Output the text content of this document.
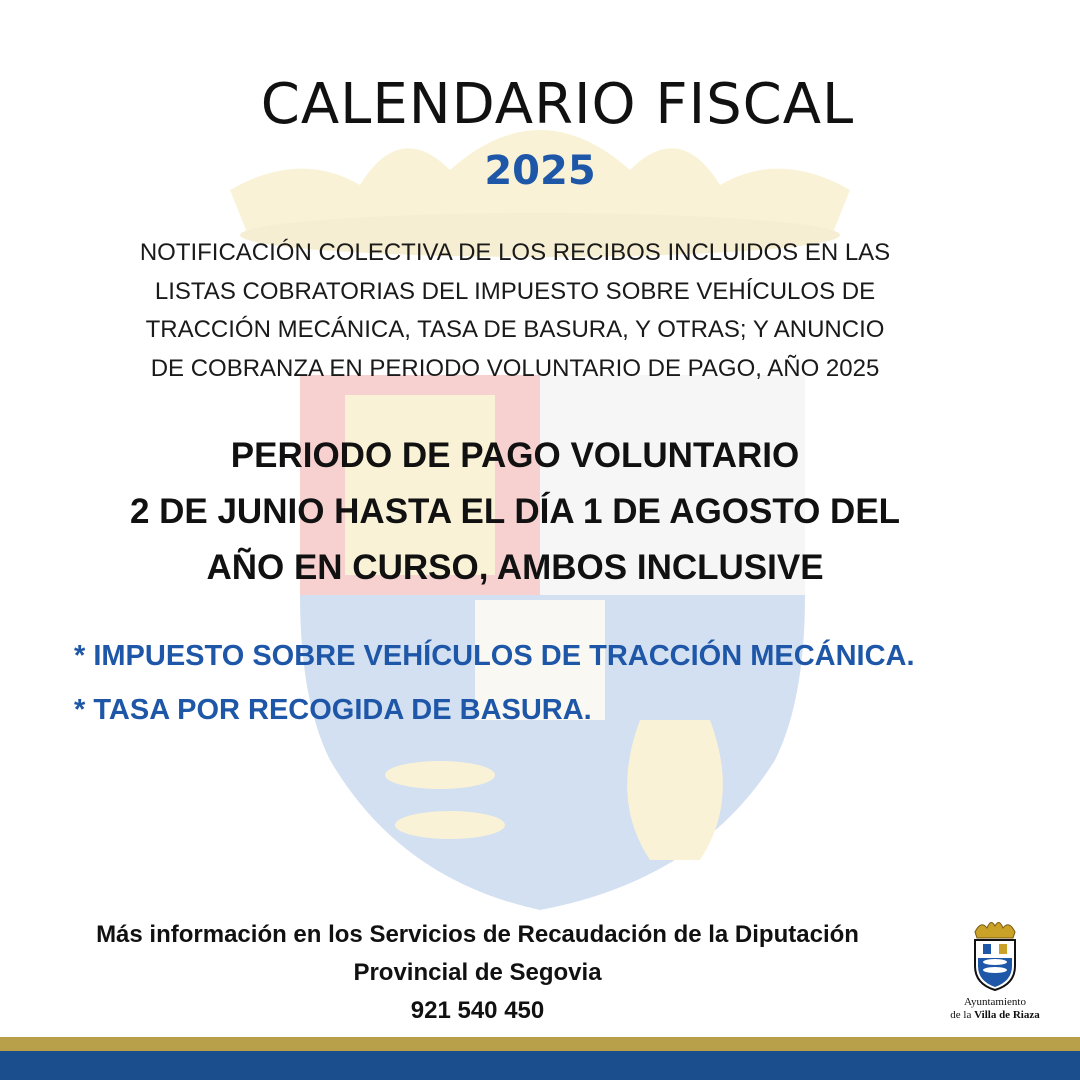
CALENDARIO FISCAL
2025

NOTIFICACIÓN COLECTIVA DE LOS RECIBOS INCLUIDOS EN LAS
LISTAS COBRATORIAS DEL IMPUESTO SOBRE VEHÍCULOS DE
TRACCIÓN MECÁNICA, TASA DE BASURA, Y OTRAS; Y ANUNCIO
DE COBRANZA EN PERIODO VOLUNTARIO DE PAGO, AÑO 2025

PERIODO DE PAGO VOLUNTARIO
2 DE JUNIO HASTA EL DÍA 1 DE AGOSTO DEL
AÑO EN CURSO, AMBOS INCLUSIVE
* IMPUESTO SOBRE VEHÍCULOS DE TRACCIÓN MECÁNICA.
* TASA POR RECOGIDA DE BASURA.
Más información en los Servicios de Recaudación de la Diputación
Provincial de Segovia
921 540 450	Ayuntamiento
de la Villa de Riaza
